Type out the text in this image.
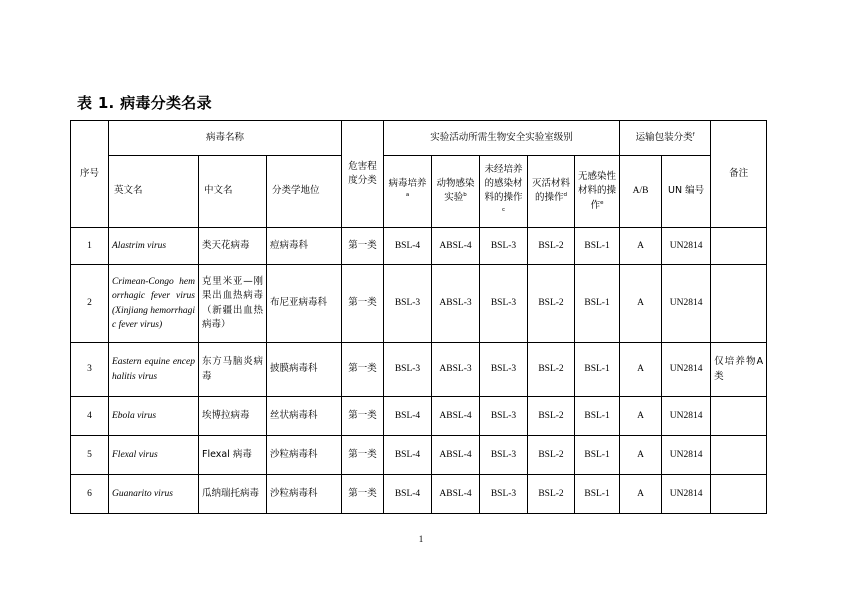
表 1. 病毒分类名录
序号	病毒名称			危害程度分类	实验活动所需生物安全实验室级别					运输包装分类$^f$		备注
	英文名	中文名	分类学地位		病毒培养$^a$	动物感染实验$^b$	未经培养的感染材料的操作$^c$	灭活材料的操作$^d$	无感染性材料的操作$^e$	A/B	UN 编号	
1	Alastrim virus	类天花病毒	痘病毒科	第一类	BSL-4	ABSL-4	BSL-3	BSL-2	BSL-1	A	UN2814	
2	Crimean-Congo hemorrhagic fever virus (Xinjiang hemorrhagic fever virus)	克里米亚—刚果出血热病毒（新疆出血热病毒）	布尼亚病毒科	第一类	BSL-3	ABSL-3	BSL-3	BSL-2	BSL-1	A	UN2814	
3	Eastern equine encephalitis virus	东方马脑炎病毒	披膜病毒科	第一类	BSL-3	ABSL-3	BSL-3	BSL-2	BSL-1	A	UN2814	仅培养物A 类
4	Ebola virus	埃博拉病毒	丝状病毒科	第一类	BSL-4	ABSL-4	BSL-3	BSL-2	BSL-1	A	UN2814	
5	Flexal virus	Flexal 病毒	沙粒病毒科	第一类	BSL-4	ABSL-4	BSL-3	BSL-2	BSL-1	A	UN2814	
6	Guanarito virus	瓜纳瑞托病毒	沙粒病毒科	第一类	BSL-4	ABSL-4	BSL-3	BSL-2	BSL-1	A	UN2814	
1
